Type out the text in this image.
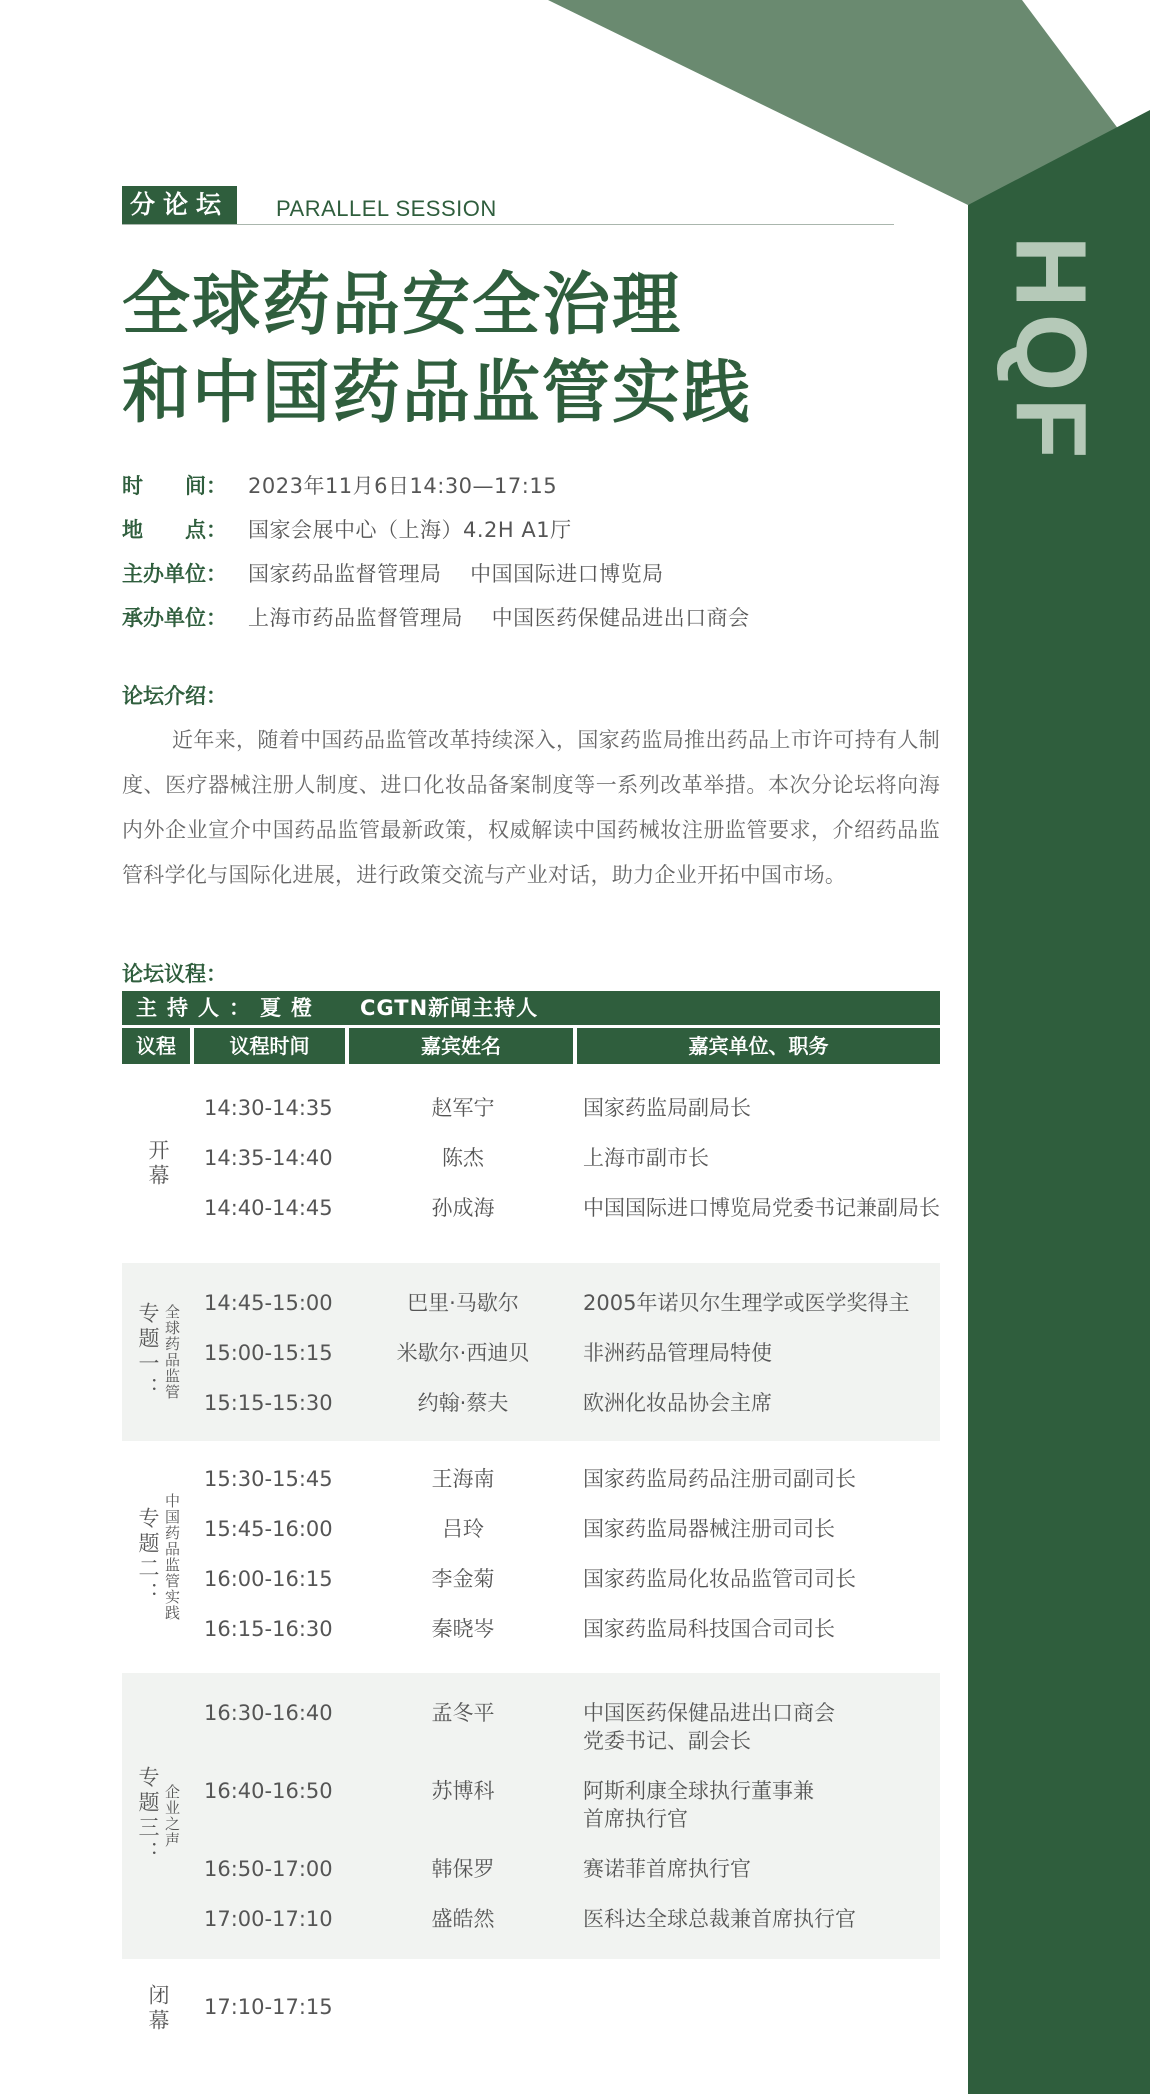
HQF
分论坛	PARALLEL SESSION
全球药品安全治理
和中国药品监管实践
时　　间： 2023年11月6日14:30—17:15
地　　点： 国家会展中心（上海）4.2H A1厅
主办单位： 国家药品监督管理局　 中国国际进口博览局
承办单位： 上海市药品监督管理局　 中国医药保健品进出口商会
论坛介绍：
近年来，随着中国药品监管改革持续深入，国家药监局推出药品上市许可持有人制度、医疗器械注册人制度、进口化妆品备案制度等一系列改革举措。本次分论坛将向海内外企业宣介中国药品监管最新政策，权威解读中国药械妆注册监管要求，介绍药品监管科学化与国际化进展，进行政策交流与产业对话，助力企业开拓中国市场。
论坛议程：
主持人：夏橙 CGTN新闻主持人
议程	议程时间	嘉宾姓名	嘉宾单位、职务
开幕
14:30-14:35	赵军宁	国家药监局副局长
14:35-14:40	陈杰	上海市副市长
14:40-14:45	孙成海	中国国际进口博览局党委书记兼副局长
专题一： 全球药品监管
14:45-15:00	巴里·马歇尔	2005年诺贝尔生理学或医学奖得主
15:00-15:15	米歇尔·西迪贝	非洲药品管理局特使
15:15-15:30	约翰·蔡夫	欧洲化妆品协会主席
专题二： 中国药品监管实践
15:30-15:45	王海南	国家药监局药品注册司副司长
15:45-16:00	吕玲	国家药监局器械注册司司长
16:00-16:15	李金菊	国家药监局化妆品监管司司长
16:15-16:30	秦晓岑	国家药监局科技国合司司长
专题三： 企业之声
16:30-16:40	孟冬平	中国医药保健品进出口商会
党委书记、副会长
16:40-16:50	苏博科	阿斯利康全球执行董事兼
首席执行官
16:50-17:00	韩保罗	赛诺菲首席执行官
17:00-17:10	盛皓然	医科达全球总裁兼首席执行官
闭幕	17:10-17:15
